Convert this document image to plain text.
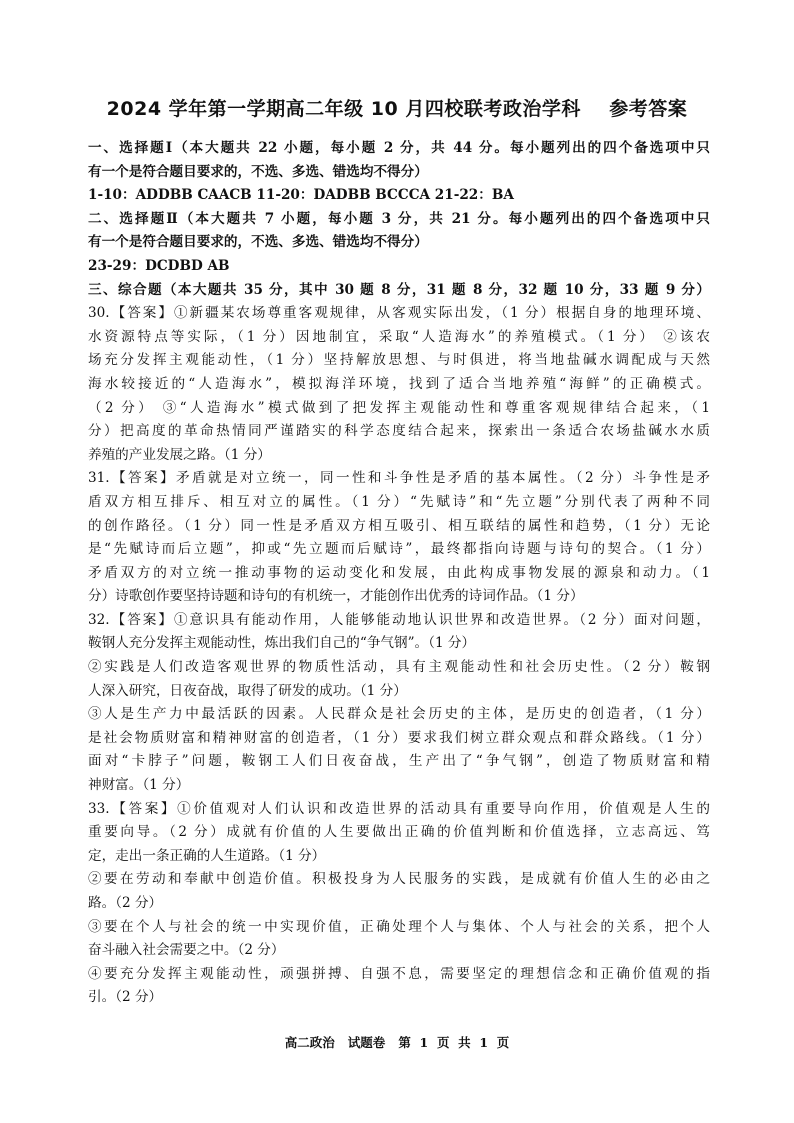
2024 学年第一学期高二年级 10 月四校联考政治学科    参考答案
一、选择题Ⅰ（本大题共 22 小题，每小题 2 分，共 44 分。每小题列出的四个备选项中只
有一个是符合题目要求的，不选、多选、错选均不得分）
1-10：ADDBB CAACB 11-20：DADBB BCCCA 21-22：BA
二、选择题Ⅱ（本大题共 7 小题，每小题 3 分，共 21 分。每小题列出的四个备选项中只
有一个是符合题目要求的，不选、多选、错选均不得分）
23-29：DCDBD AB
三、综合题（本大题共 35 分，其中 30 题 8 分，31 题 8 分，32 题 10 分，33 题 9 分）
30.【答案】①新疆某农场尊重客观规律，从客观实际出发，（1 分）根据自身的地理环境、
水资源特点等实际，（1 分）因地制宜，采取“人造海水”的养殖模式。（1 分） ②该农
场充分发挥主观能动性，（1 分）坚持解放思想、与时俱进，将当地盐碱水调配成与天然
海水较接近的“人造海水”，模拟海洋环境，找到了适合当地养殖“海鲜”的正确模式。
（2 分） ③“人造海水”模式做到了把发挥主观能动性和尊重客观规律结合起来，（1
分）把高度的革命热情同严谨踏实的科学态度结合起来，探索出一条适合农场盐碱水水质
养殖的产业发展之路。（1 分）
31.【答案】矛盾就是对立统一，同一性和斗争性是矛盾的基本属性。（2 分）斗争性是矛
盾双方相互排斥、相互对立的属性。（1 分）“先赋诗”和“先立题”分别代表了两种不同
的创作路径。（1 分）同一性是矛盾双方相互吸引、相互联结的属性和趋势，（1 分）无论
是“先赋诗而后立题”，抑或“先立题而后赋诗”，最终都指向诗题与诗句的契合。（1 分）
矛盾双方的对立统一推动事物的运动变化和发展，由此构成事物发展的源泉和动力。（1
分）诗歌创作要坚持诗题和诗句的有机统一，才能创作出优秀的诗词作品。（1 分）
32.【答案】①意识具有能动作用，人能够能动地认识世界和改造世界。（2 分）面对问题，
鞍钢人充分发挥主观能动性，炼出我们自己的“争气钢”。（1 分）
②实践是人们改造客观世界的物质性活动，具有主观能动性和社会历史性。（2 分）鞍钢
人深入研究，日夜奋战，取得了研发的成功。（1 分）
③人是生产力中最活跃的因素。人民群众是社会历史的主体，是历史的创造者，（1 分）
是社会物质财富和精神财富的创造者，（1 分）要求我们树立群众观点和群众路线。（1 分）
面对“卡脖子”问题，鞍钢工人们日夜奋战，生产出了“争气钢”，创造了物质财富和精
神财富。（1 分）
33.【答案】①价值观对人们认识和改造世界的活动具有重要导向作用，价值观是人生的
重要向导。（2 分）成就有价值的人生要做出正确的价值判断和价值选择，立志高远、笃
定，走出一条正确的人生道路。（1 分）
②要在劳动和奉献中创造价值。积极投身为人民服务的实践，是成就有价值人生的必由之
路。（2 分）
③要在个人与社会的统一中实现价值，正确处理个人与集体、个人与社会的关系，把个人
奋斗融入社会需要之中。（2 分）
④要充分发挥主观能动性，顽强拼搏、自强不息，需要坚定的理想信念和正确价值观的指
引。（2 分）
高二政治   试题卷   第  1  页  共  1  页
